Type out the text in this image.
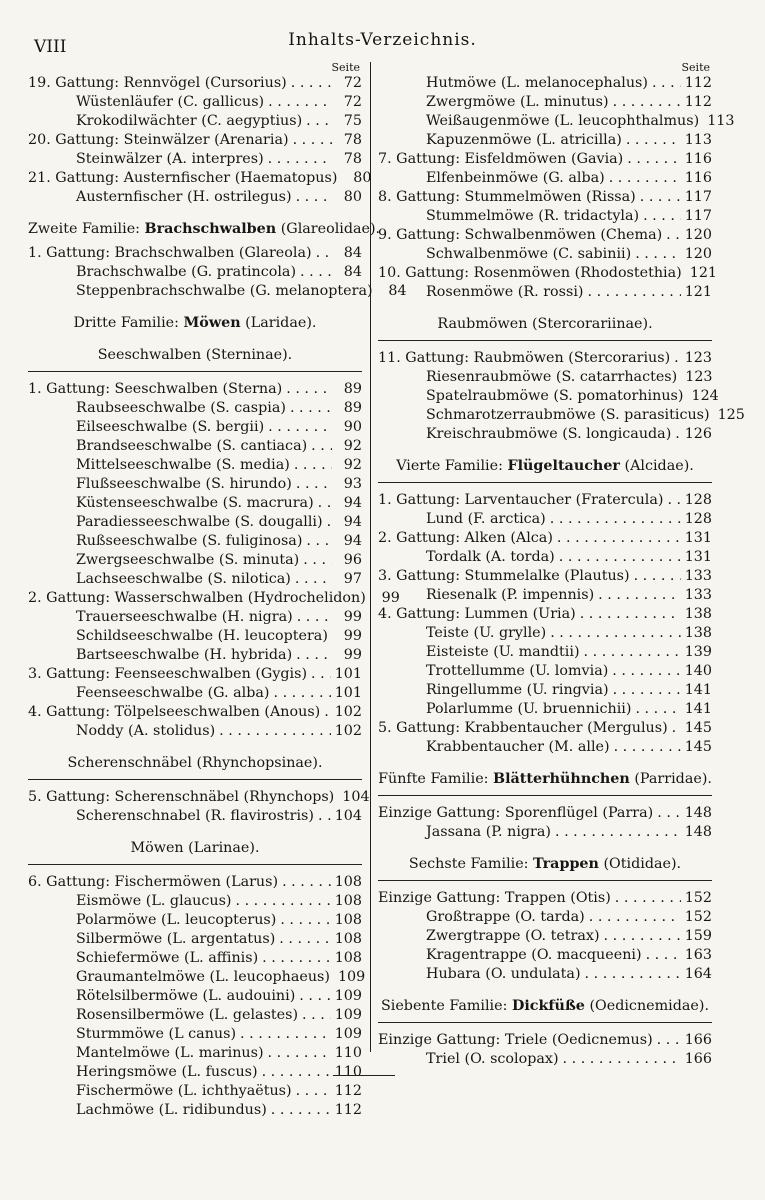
VIII	Inhalts-Verzeichnis.
Seite
19. Gattung: Rennvögel (Cursorius) . . .	72
Wüstenläufer (C. gallicus) . . .	72
Krokodilwächter (C. aegyptius) . . .	75
20. Gattung: Steinwälzer (Arenaria) . . .	78
Steinwälzer (A. interpres) . . .	78
21. Gattung: Austernfischer (Haematopus)	80
Austernfischer (H. ostrilegus) . . .	80
Zweite Familie: Brachschwalben (Glareolidae).
1. Gattung: Brachschwalben (Glareola) . . .	84
Brachschwalbe (G. pratincola) . . .	84
Steppenbrachschwalbe (G. melanoptera)	84
Dritte Familie: Möwen (Laridae).
Seeschwalben (Sterninae).
1. Gattung: Seeschwalben (Sterna) . . .	89
Raubseeschwalbe (S. caspia) . . .	89
Eilseeschwalbe (S. bergii) . . .	90
Brandseeschwalbe (S. cantiaca) . . .	92
Mittelseeschwalbe (S. media) . . .	92
Flußseeschwalbe (S. hirundo) . . .	93
Küstenseeschwalbe (S. macrura) . . .	94
Paradiesseeschwalbe (S. dougalli) . . .	94
Rußseeschwalbe (S. fuliginosa) . . .	94
Zwergseeschwalbe (S. minuta) . . .	96
Lachseeschwalbe (S. nilotica) . . .	97
2. Gattung: Wasserschwalben (Hydrochelidon)	99
Trauerseeschwalbe (H. nigra) . . .	99
Schildseeschwalbe (H. leucoptera) . . .	99
Bartseeschwalbe (H. hybrida) . . .	99
3. Gattung: Feenseeschwalben (Gygis) . . . 101
Feenseeschwalbe (G. alba) . . .	101
4. Gattung: Tölpelseeschwalben (Anous) . . . 102
Noddy (A. stolidus) . . .	102
Scherenschnäbel (Rhynchopsinae).
5. Gattung: Scherenschnäbel (Rhynchops) 104
Scherenschnabel (R. flavirostris) . . . 104
Möwen (Larinae).
6. Gattung: Fischermöwen (Larus) . . .	108
Eismöwe (L. glaucus) . . .	108
Polarmöwe (L. leucopterus) . . .	108
Silbermöwe (L. argentatus) . . .	108
Schiefermöwe (L. affinis) . . .	108
Graumantelmöwe (L. leucophaeus) 109
Rötelsilbermöwe (L. audouini) . . .	109
Rosensilbermöwe (L. gelastes) . . .	109
Sturmmöwe (L canus) . . .	109
Mantelmöwe (L. marinus) . . .	110
Heringsmöwe (L. fuscus) . . .	110
Fischermöwe (L. ichthyaëtus) . . .	112
Lachmöwe (L. ridibundus) . . .	112
Seite
Hutmöwe (L. melanocephalus) . . .	112
Zwergmöwe (L. minutus) . . .	112
Weißaugenmöwe (L. leucophthalmus) 113
Kapuzenmöwe (L. atricilla) . . .	113
7. Gattung: Eisfeldmöwen (Gavia) . . .	116
Elfenbeinmöwe (G. alba) . . .	116
8. Gattung: Stummelmöwen (Rissa) . . .	117
Stummelmöwe (R. tridactyla) . . .	117
9. Gattung: Schwalbenmöwen (Chema) . . . 120
Schwalbenmöwe (C. sabinii) . . .	120
10. Gattung: Rosenmöwen (Rhodostethia) 121
Rosenmöwe (R. rossi) . . .	121
Raubmöwen (Stercorariinae).
11. Gattung: Raubmöwen (Stercorarius) . . . 123
Riesenraubmöwe (S. catarrhactes) 123
Spatelraubmöwe (S. pomatorhinus) 124
Schmarotzerraubmöwe (S. parasiticus) 125
Kreischraubmöwe (S. longicauda) . . . 126
Vierte Familie: Flügeltaucher (Alcidae).
1. Gattung: Larventaucher (Fratercula) . . . 128
Lund (F. arctica) . . .	128
2. Gattung: Alken (Alca) . . .	131
Tordalk (A. torda) . . .	131
3. Gattung: Stummelalke (Plautus) . . .	133
Riesenalk (P. impennis) . . .	133
4. Gattung: Lummen (Uria) . . .	138
Teiste (U. grylle) . . .	138
Eisteiste (U. mandtii) . . .	139
Trottellumme (U. lomvia) . . .	140
Ringellumme (U. ringvia) . . .	141
Polarlumme (U. bruennichii) . . .	141
5. Gattung: Krabbentaucher (Mergulus) . . . 145
Krabbentaucher (M. alle) . . .	145
Fünfte Familie: Blätterhühnchen (Parridae).
Einzige Gattung: Sporenflügel (Parra) . . . 148
Jassana (P. nigra) . . .	148
Sechste Familie: Trappen (Otididae).
Einzige Gattung: Trappen (Otis) . . .	152
Großtrappe (O. tarda) . . .	152
Zwergtrappe (O. tetrax) . . .	159
Kragentrappe (O. macqueeni) . . .	163
Hubara (O. undulata) . . .	164
Siebente Familie: Dickfüße (Oedicnemidae).
Einzige Gattung: Triele (Oedicnemus) . . . 166
Triel (O. scolopax) . . .	166
